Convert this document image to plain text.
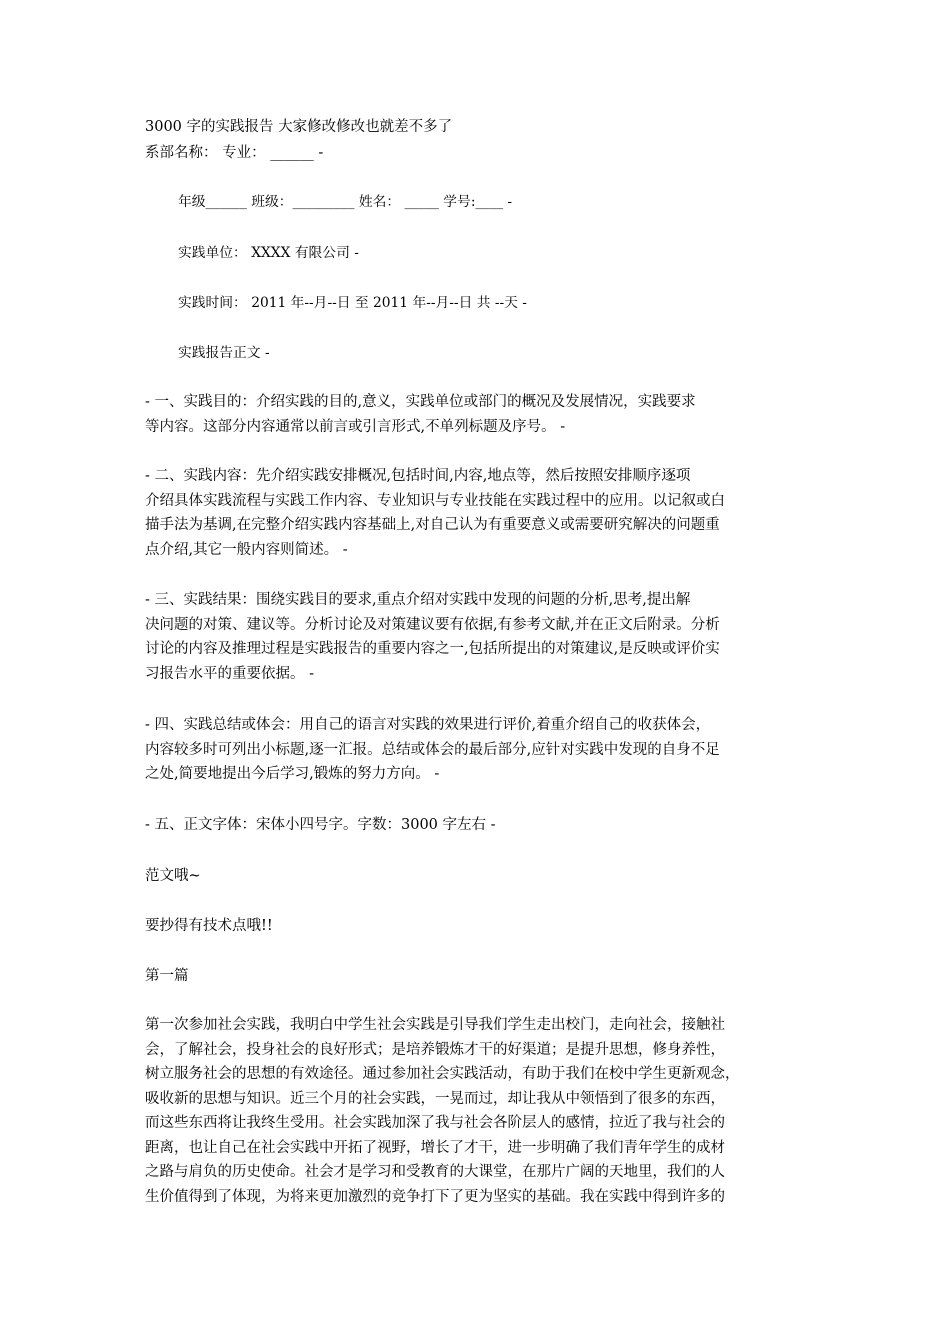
3000 字的实践报告 大家修改修改也就差不多了
系部名称： 专业： ______ -
年级______ 班级：_________ 姓名： _____ 学号:____ -
实践单位： XXXX 有限公司 -
实践时间： 2011 年--月--日 至 2011 年--月--日 共 --天 -
实践报告正文 -
- 一、实践目的：介绍实践的目的,意义，实践单位或部门的概况及发展情况，实践要求
等内容。这部分内容通常以前言或引言形式,不单列标题及序号。 -
- 二、实践内容：先介绍实践安排概况,包括时间,内容,地点等，然后按照安排顺序逐项
介绍具体实践流程与实践工作内容、专业知识与专业技能在实践过程中的应用。以记叙或白
描手法为基调,在完整介绍实践内容基础上,对自己认为有重要意义或需要研究解决的问题重
点介绍,其它一般内容则简述。 -
- 三、实践结果：围绕实践目的要求,重点介绍对实践中发现的问题的分析,思考,提出解
决问题的对策、建议等。分析讨论及对策建议要有依据,有参考文献,并在正文后附录。分析
讨论的内容及推理过程是实践报告的重要内容之一,包括所提出的对策建议,是反映或评价实
习报告水平的重要依据。 -
- 四、实践总结或体会：用自己的语言对实践的效果进行评价,着重介绍自己的收获体会，
内容较多时可列出小标题,逐一汇报。总结或体会的最后部分,应针对实践中发现的自身不足
之处,简要地提出今后学习,锻炼的努力方向。 -
- 五、正文字体：宋体小四号字。字数：3000 字左右 -
范文哦~
要抄得有技术点哦!!
第一篇
第一次参加社会实践，我明白中学生社会实践是引导我们学生走出校门，走向社会，接触社
会，了解社会，投身社会的良好形式；是培养锻炼才干的好渠道；是提升思想，修身养性，
树立服务社会的思想的有效途径。通过参加社会实践活动，有助于我们在校中学生更新观念，
吸收新的思想与知识。近三个月的社会实践，一晃而过，却让我从中领悟到了很多的东西，
而这些东西将让我终生受用。社会实践加深了我与社会各阶层人的感情，拉近了我与社会的
距离，也让自己在社会实践中开拓了视野，增长了才干，进一步明确了我们青年学生的成材
之路与肩负的历史使命。社会才是学习和受教育的大课堂，在那片广阔的天地里，我们的人
生价值得到了体现，为将来更加激烈的竞争打下了更为坚实的基础。我在实践中得到许多的
